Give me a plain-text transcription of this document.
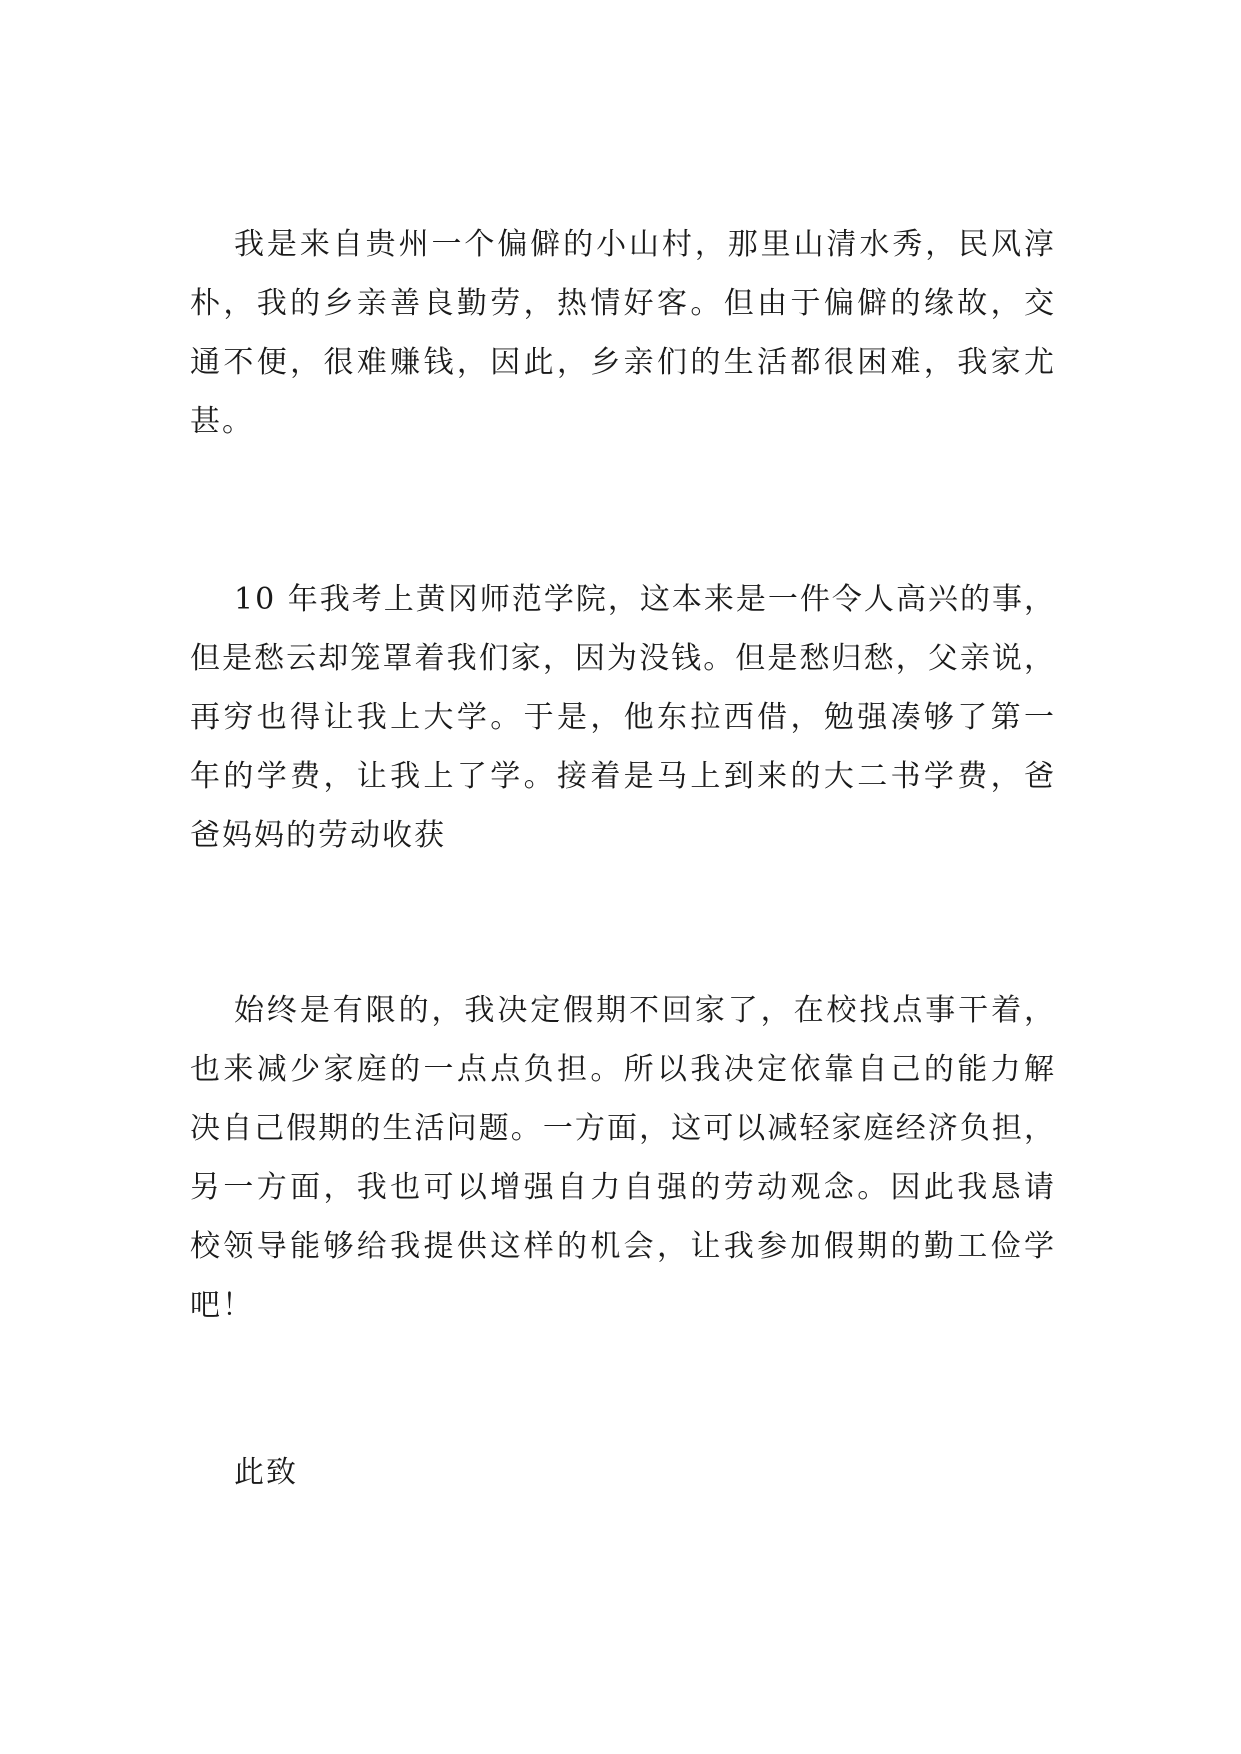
我是来自贵州一个偏僻的小山村，那里山清水秀，民风淳
朴，我的乡亲善良勤劳，热情好客。但由于偏僻的缘故，交
通不便，很难赚钱，因此，乡亲们的生活都很困难，我家尤
甚。
10 年我考上黄冈师范学院，这本来是一件令人高兴的事，
但是愁云却笼罩着我们家，因为没钱。但是愁归愁，父亲说，
再穷也得让我上大学。于是，他东拉西借，勉强凑够了第一
年的学费，让我上了学。接着是马上到来的大二书学费，爸
爸妈妈的劳动收获
始终是有限的，我决定假期不回家了，在校找点事干着，
也来减少家庭的一点点负担。所以我决定依靠自己的能力解
决自己假期的生活问题。一方面，这可以减轻家庭经济负担，
另一方面，我也可以增强自力自强的劳动观念。因此我恳请
校领导能够给我提供这样的机会，让我参加假期的勤工俭学
吧！
此致
